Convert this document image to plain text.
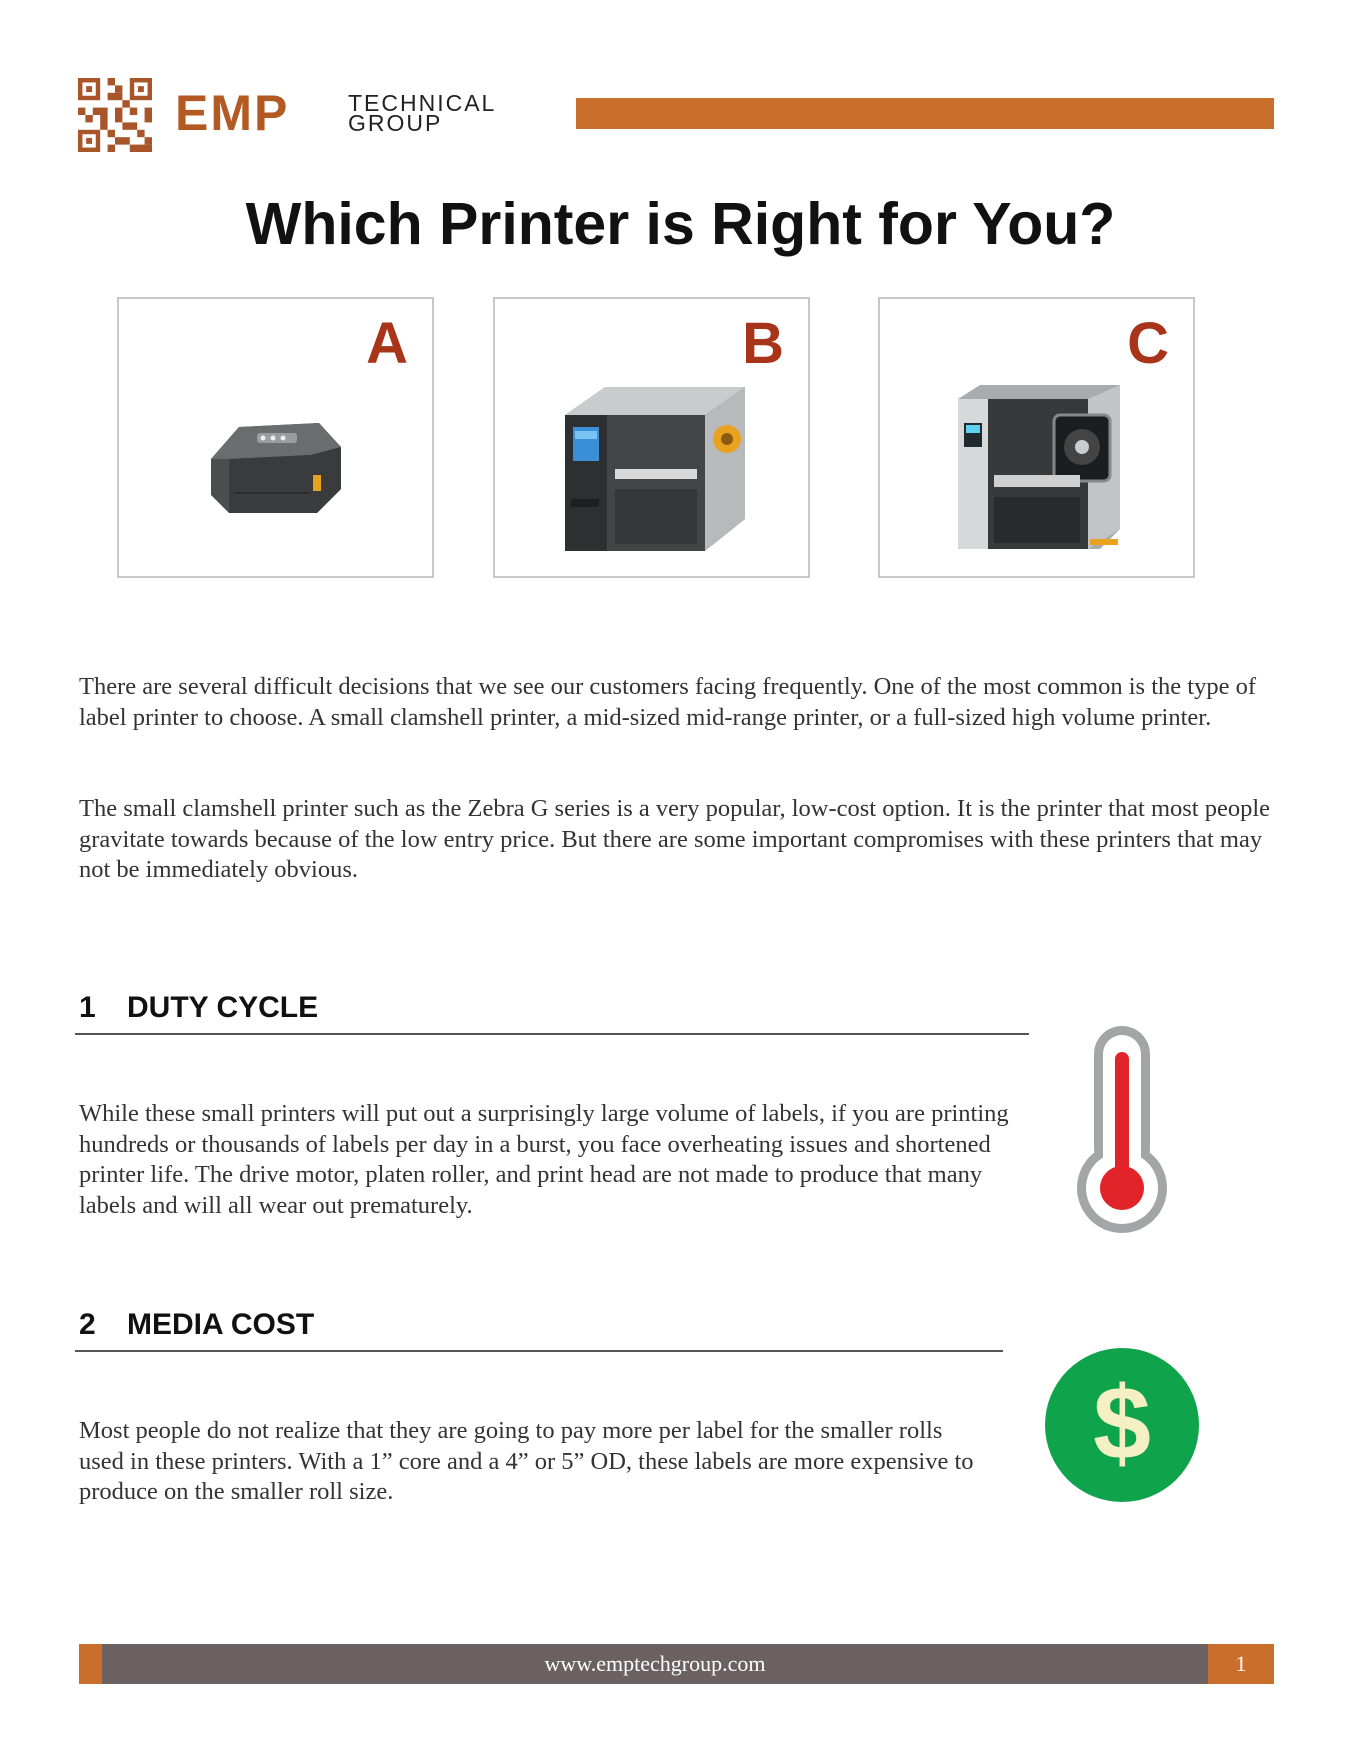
EMP	TECHNICAL
GROUP
Which Printer is Right for You?
A	B	C
There are several difficult decisions that we see our customers facing frequently. One of the most common is the type of label printer to choose. A small clamshell printer, a mid-sized mid-range printer, or a full-sized high volume printer.
The small clamshell printer such as the Zebra G series is a very popular, low-cost option. It is the printer that most people gravitate towards because of the low entry price. But there are some important compromises with these printers that may not be immediately obvious.
1 DUTY CYCLE
While these small printers will put out a surprisingly large volume of labels, if you are printing hundreds or thousands of labels per day in a burst, you face overheating issues and shortened printer life. The drive motor, platen roller, and print head are not made to produce that many labels and will all wear out prematurely.
2 MEDIA COST
Most people do not realize that they are going to pay more per label for the smaller rolls used in these printers. With a 1” core and a 4” or 5” OD, these labels are more expensive to produce on the smaller roll size.
$
www.emptechgroup.com	1
